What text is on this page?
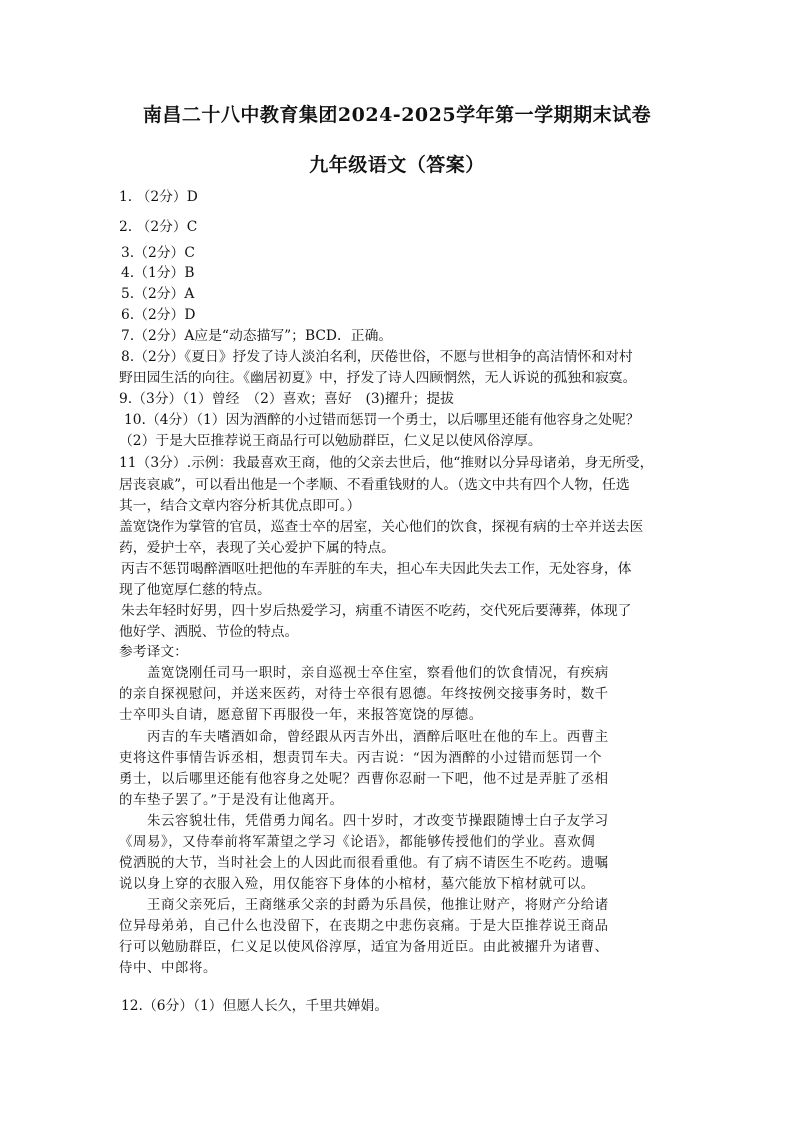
南昌二十八中教育集团2024-2025学年第一学期期末试卷
九年级语文（答案）
1. （2分）D
2. （2分）C
3.（2分）C
4.（1分）B
5.（2分）A
6.（2分）D
7.（2分）A应是“动态描写”；BCD．正确。
8.（2分）《夏日》抒发了诗人淡泊名利，厌倦世俗，不愿与世相争的高洁情怀和对村
野田园生活的向往。《幽居初夏》中，抒发了诗人四顾惘然，无人诉说的孤独和寂寞。
9.（3分）（1）曾经　（2）喜欢；喜好　(3)擢升；提拔
10.（4分）（1）因为酒醉的小过错而惩罚一个勇士，以后哪里还能有他容身之处呢？
（2）于是大臣推荐说王商品行可以勉励群臣，仁义足以使风俗淳厚。
11（3分）.示例：我最喜欢王商，他的父亲去世后，他“推财以分异母诸弟，身无所受，
居丧哀戚”，可以看出他是一个孝顺、不看重钱财的人。（选文中共有四个人物，任选
其一，结合文章内容分析其优点即可。）
盖宽饶作为掌管的官员，巡查士卒的居室，关心他们的饮食，探视有病的士卒并送去医
药，爱护士卒，表现了关心爱护下属的特点。
丙吉不惩罚喝醉酒呕吐把他的车弄脏的车夫，担心车夫因此失去工作，无处容身，体
现了他宽厚仁慈的特点。
朱去年轻时好男，四十岁后热爱学习，病重不请医不吃药，交代死后要薄葬，体现了
他好学、洒脱、节俭的特点。
参考译文：
盖宽饶刚任司马一职时，亲自巡视士卒住室，察看他们的饮食情况，有疾病
的亲自探视慰问，并送来医药，对待士卒很有恩德。年终按例交接事务时，数千
士卒叩头自请，愿意留下再服役一年，来报答宽饶的厚德。
丙吉的车夫嗜酒如命，曾经跟从丙吉外出，酒醉后呕吐在他的车上。西曹主
吏将这件事情告诉丞相，想责罚车夫。丙吉说：“因为酒醉的小过错而惩罚一个
勇士，以后哪里还能有他容身之处呢？西曹你忍耐一下吧，他不过是弄脏了丞相
的车垫子罢了。”于是没有让他离开。
朱云容貌壮伟，凭借勇力闻名。四十岁时，才改变节操跟随博士白子友学习
《周易》，又侍奉前将军萧望之学习《论语》，都能够传授他们的学业。喜欢倜
傥洒脱的大节，当时社会上的人因此而很看重他。有了病不请医生不吃药。遗嘱
说以身上穿的衣服入殓，用仅能容下身体的小棺材，墓穴能放下棺材就可以。
王商父亲死后，王商继承父亲的封爵为乐昌侯，他推让财产，将财产分给诸
位异母弟弟，自己什么也没留下，在丧期之中悲伤哀痛。于是大臣推荐说王商品
行可以勉励群臣，仁义足以使风俗淳厚，适宜为备用近臣。由此被擢升为诸曹、
侍中、中郎将。
12.（6分）（1）但愿人长久，千里共婵娟。
